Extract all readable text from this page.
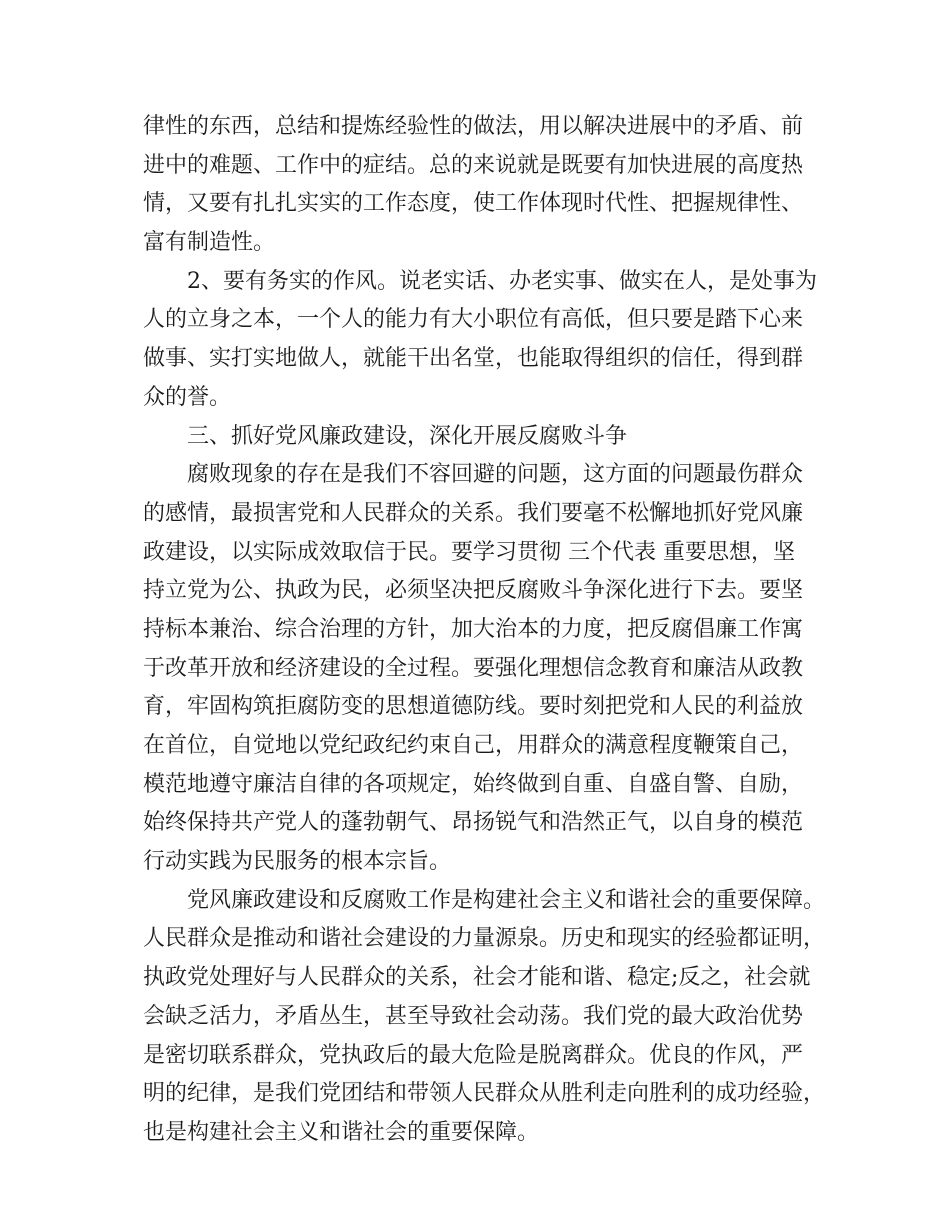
律性的东西，总结和提炼经验性的做法，用以解决进展中的矛盾、前
进中的难题、工作中的症结。总的来说就是既要有加快进展的高度热
情，又要有扎扎实实的工作态度，使工作体现时代性、把握规律性、
富有制造性。
2、要有务实的作风。说老实话、办老实事、做实在人，是处事为
人的立身之本，一个人的能力有大小职位有高低，但只要是踏下心来
做事、实打实地做人，就能干出名堂，也能取得组织的信任，得到群
众的誉。
三、抓好党风廉政建设，深化开展反腐败斗争
腐败现象的存在是我们不容回避的问题，这方面的问题最伤群众
的感情，最损害党和人民群众的关系。我们要毫不松懈地抓好党风廉
政建设，以实际成效取信于民。要学习贯彻 三个代表 重要思想，坚
持立党为公、执政为民，必须坚决把反腐败斗争深化进行下去。要坚
持标本兼治、综合治理的方针，加大治本的力度，把反腐倡廉工作寓
于改革开放和经济建设的全过程。要强化理想信念教育和廉洁从政教
育，牢固构筑拒腐防变的思想道德防线。要时刻把党和人民的利益放
在首位，自觉地以党纪政纪约束自己，用群众的满意程度鞭策自己，
模范地遵守廉洁自律的各项规定，始终做到自重、自盛自警、自励，
始终保持共产党人的蓬勃朝气、昂扬锐气和浩然正气，以自身的模范
行动实践为民服务的根本宗旨。
党风廉政建设和反腐败工作是构建社会主义和谐社会的重要保障。
人民群众是推动和谐社会建设的力量源泉。历史和现实的经验都证明，
执政党处理好与人民群众的关系，社会才能和谐、稳定;反之，社会就
会缺乏活力，矛盾丛生，甚至导致社会动荡。我们党的最大政治优势
是密切联系群众，党执政后的最大危险是脱离群众。优良的作风，严
明的纪律，是我们党团结和带领人民群众从胜利走向胜利的成功经验，
也是构建社会主义和谐社会的重要保障。
